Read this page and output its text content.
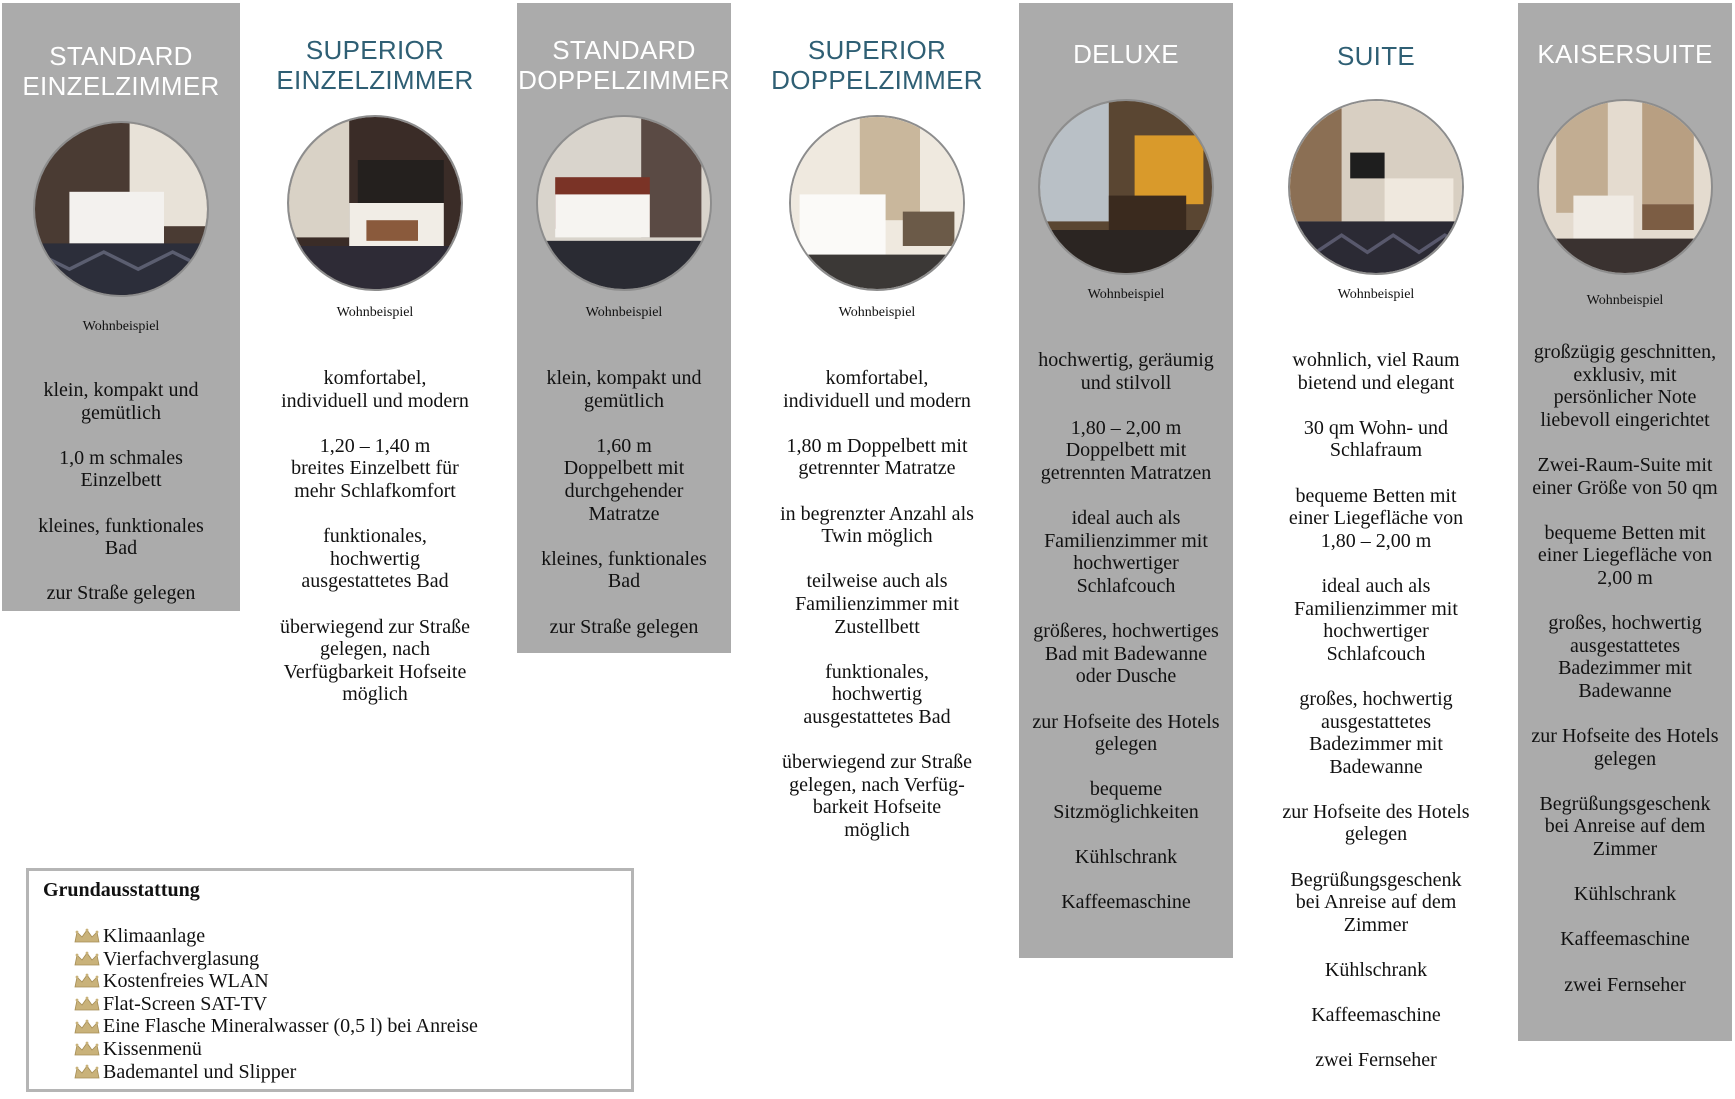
STANDARD
EINZELZIMMER

Wohnbeispiel

klein, kompakt und
gemütlich
1,0 m schmales
Einzelbett
kleines, funktionales
Bad
zur Straße gelegen
SUPERIOR
EINZELZIMMER

Wohnbeispiel

komfortabel,
individuell und modern
1,20 – 1,40 m
breites Einzelbett für
mehr Schlafkomfort
funktionales,
hochwertig
ausgestattetes Bad
überwiegend zur Straße
gelegen, nach
Verfügbarkeit Hofseite
möglich
STANDARD
DOPPELZIMMER

Wohnbeispiel

klein, kompakt und
gemütlich
1,60 m
Doppelbett mit
durchgehender
Matratze
kleines, funktionales
Bad
zur Straße gelegen
SUPERIOR
DOPPELZIMMER

Wohnbeispiel

komfortabel,
individuell und modern
1,80 m Doppelbett mit
getrennter Matratze
in begrenzter Anzahl als
Twin möglich
teilweise auch als
Familienzimmer mit
Zustellbett
funktionales,
hochwertig
ausgestattetes Bad
überwiegend zur Straße
gelegen, nach Verfüg-
barkeit Hofseite
möglich
DELUXE

Wohnbeispiel

hochwertig, geräumig
und stilvoll
1,80 – 2,00 m
Doppelbett mit
getrennten Matratzen
ideal auch als
Familienzimmer mit
hochwertiger
Schlafcouch
größeres, hochwertiges
Bad mit Badewanne
oder Dusche
zur Hofseite des Hotels
gelegen
bequeme
Sitzmöglichkeiten
Kühlschrank
Kaffeemaschine
SUITE

Wohnbeispiel

wohnlich, viel Raum
bietend und elegant
30 qm Wohn- und
Schlafraum
bequeme Betten mit
einer Liegefläche von
1,80 – 2,00 m
ideal auch als
Familienzimmer mit
hochwertiger
Schlafcouch
großes, hochwertig
ausgestattetes
Badezimmer mit
Badewanne
zur Hofseite des Hotels
gelegen
Begrüßungsgeschenk
bei Anreise auf dem
Zimmer
Kühlschrank
Kaffeemaschine
zwei Fernseher
KAISERSUITE

Wohnbeispiel

großzügig geschnitten,
exklusiv, mit
persönlicher Note
liebevoll eingerichtet
Zwei-Raum-Suite mit
einer Größe von 50 qm
bequeme Betten mit
einer Liegefläche von
2,00 m
großes, hochwertig
ausgestattetes
Badezimmer mit
Badewanne
zur Hofseite des Hotels
gelegen
Begrüßungsgeschenk
bei Anreise auf dem
Zimmer
Kühlschrank
Kaffeemaschine
zwei Fernseher
Grundausstattung
Klimaanlage
Vierfachverglasung
Kostenfreies WLAN
Flat-Screen SAT-TV
Eine Flasche Mineralwasser (0,5 l) bei Anreise
Kissenmenü
Bademantel und Slipper
